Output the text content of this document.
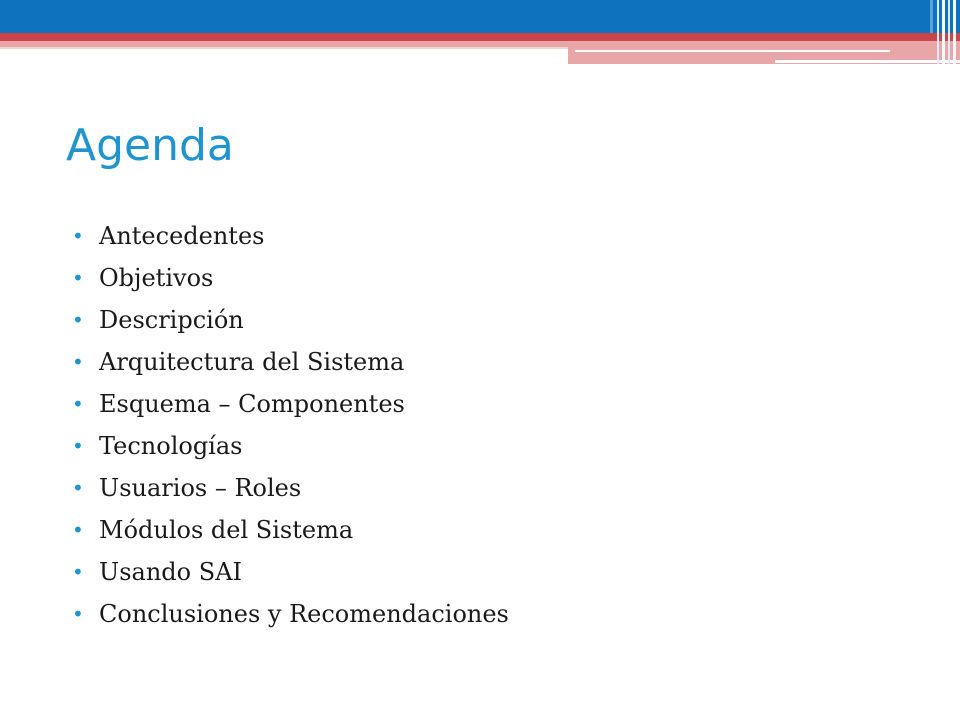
Agenda
• Antecedentes
• Objetivos
• Descripción
• Arquitectura del Sistema
• Esquema – Componentes
• Tecnologías
• Usuarios – Roles
• Módulos del Sistema
• Usando SAI
• Conclusiones y Recomendaciones
